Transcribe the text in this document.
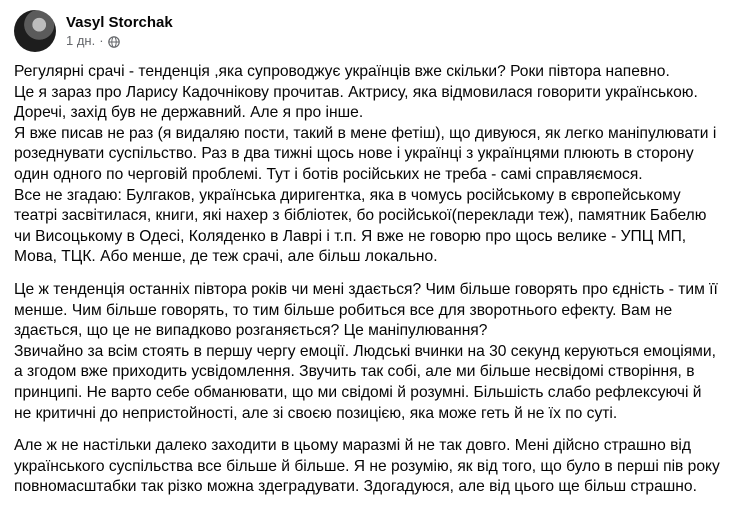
Vasyl Storchak
1 дн. ·

Регулярні срачі - тенденція ,яка супроводжує українців вже скільки? Роки півтора напевно.
Це я зараз про Ларису Кадочнікову прочитав. Актрису, яка відмовилася говорити українською.
Доречі, захід був не державний. Але я про інше.
Я вже писав не раз (я видаляю пости, такий в мене фетіш), що дивуюся, як легко маніпулювати і
розеднувати суспільство. Раз в два тижні щось нове і українці з українцями плюють в сторону
один одного по черговій проблемі. Тут і ботів російських не треба - самі справляємося.
Все не згадаю: Булгаков, українська диригентка, яка в чомусь російському в європейському
театрі засвітилася, книги, які нахер з бібліотек, бо російської(переклади теж), памятник Бабелю
чи Висоцькому в Одесі, Коляденко в Лаврі і т.п. Я вже не говорю про щось велике - УПЦ МП,
Мова, ТЦК. Або менше, де теж срачі, але більш локально.

Це ж тенденція останніх півтора років чи мені здається? Чим більше говорять про єдність - тим її
менше. Чим більше говорять, то тим більше робиться все для зворотнього ефекту. Вам не
здається, що це не випадково розганяється? Це маніпулювання?
Звичайно за всім стоять в першу чергу емоції. Людські вчинки на 30 секунд керуються емоціями,
а згодом вже приходить усвідомлення. Звучить так собі, але ми більше несвідомі створіння, в
принципі. Не варто себе обманювати, що ми свідомі й розумні. Більшість слабо рефлексуючі й
не критичні до непристойності, але зі своєю позицією, яка може геть й не їх по суті.

Але ж не настільки далеко заходити в цьому маразмі й не так довго. Мені дійсно страшно від
українського суспільства все більше й більше. Я не розумію, як від того, що було в перші пів року
повномасштабки так різко можна здеградувати. Здогадуюся, але від цього ще більш страшно.
